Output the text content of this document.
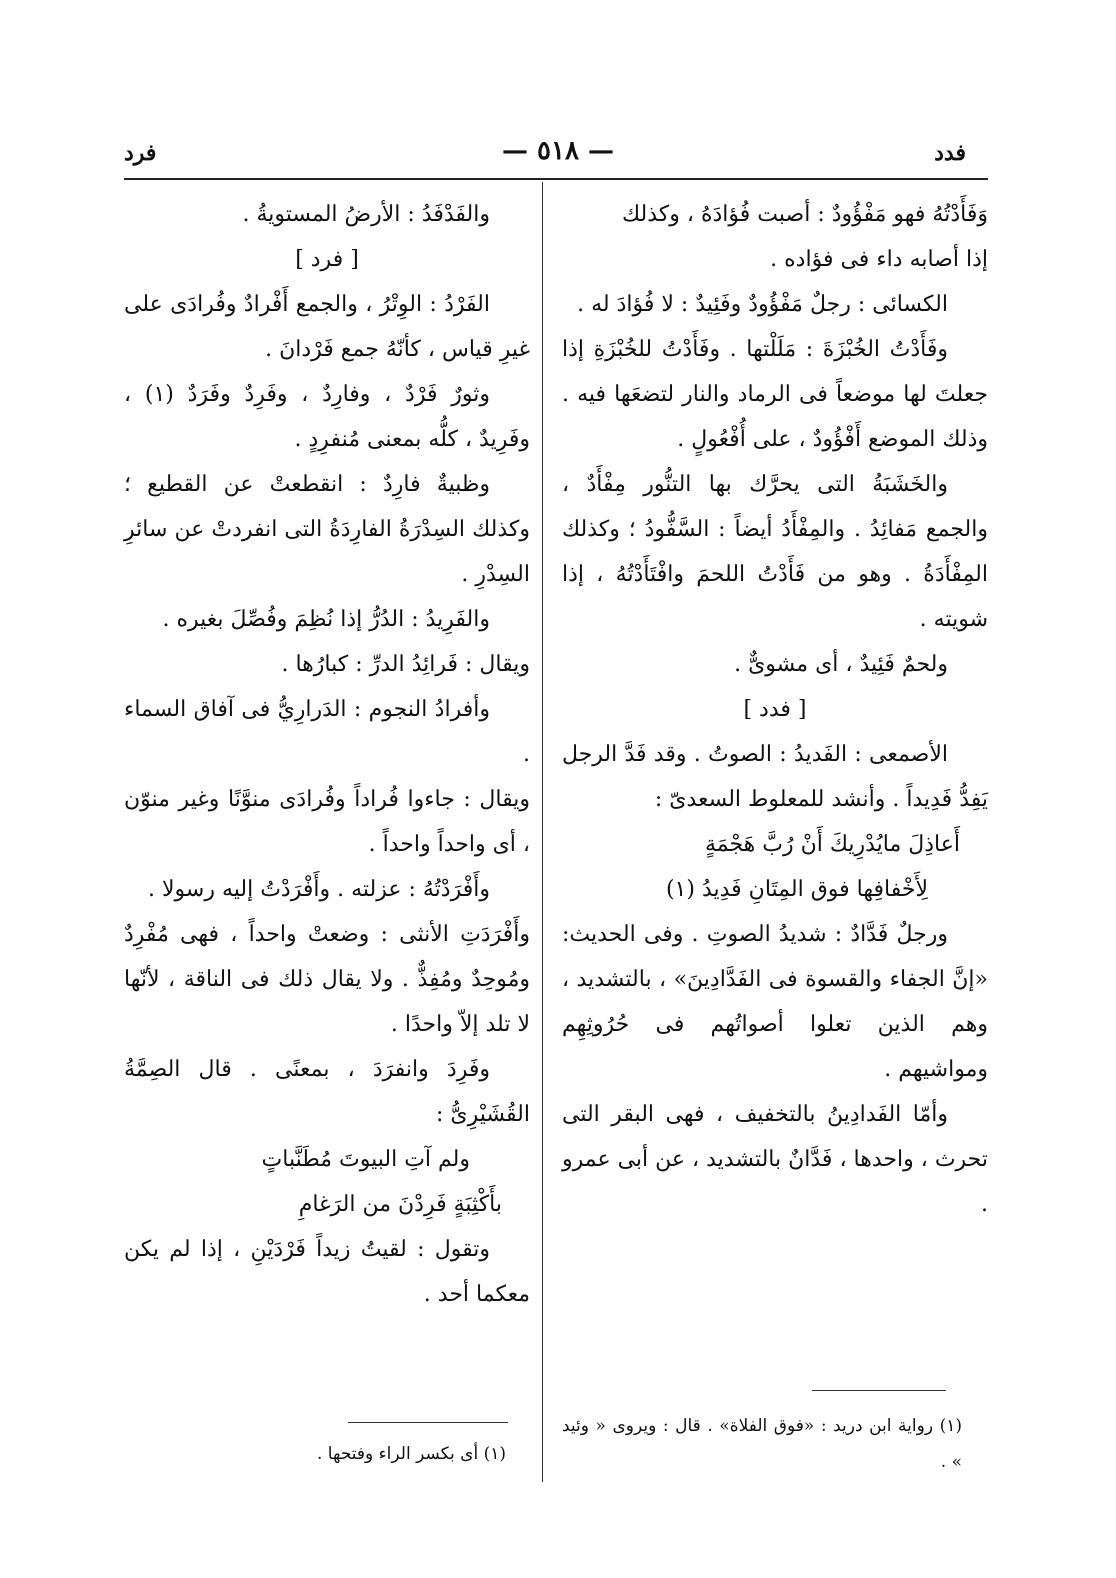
فدد
— ٥١٨ —
فرد

وَفَأَدْتُهُ فهو مَفْؤُودٌ : أصبت فُؤادَهُ ، وكذلك

إذا أصابه داء فى فؤاده .

الكسائى : رجلٌ مَفْؤُودٌ وفَئِيدٌ : لا فُؤادَ له .

وفَأَدْتُ الخُبْزَةَ : مَلَلْتها . وفَأَدْتُ للخُبْزَةِ إذا جعلتَ لها موضعاً فى الرماد والنار لتضعَها فيه . وذلك الموضع أَفْؤُودٌ ، على أُفْعُولٍ .

والخَشَبَةُ التى يحرَّك بها التنُّور مِفْأَدٌ ، والجمع مَفائِدُ . والمِفْأَدُ أيضاً : السَّفُّودُ ؛ وكذلك المِفْأَدَةُ . وهو من فَأَدْتُ اللحمَ وافْتَأَدْتُهُ ، إذا شويته .

ولحمٌ فَئِيدٌ ، أى مشوىٌّ .

[ فدد ]

الأصمعى : الفَديدُ : الصوتُ . وقد فَدَّ الرجل يَفِدُّ فَدِيداً . وأنشد للمعلوط السعدىّ :

أَعاذِلَ مايُدْرِيكَ أَنْ رُبَّ هَجْمَةٍ

لِأَخْفافِها فوق المِتَانِ فَدِيدُ (١)

ورجلٌ فَدَّادٌ : شديدُ الصوتِ . وفى الحديث: «إنَّ الجفاء والقسوة فى الفَدَّادِينَ» ، بالتشديد ، وهم الذين تعلوا أصواتُهم فى حُرُوثِهِم ومواشيهم .

وأمّا الفَدادِينُ بالتخفيف ، فهى البقر التى تحرث ، واحدها ، فَدَّانٌ بالتشديد ، عن أبى عمرو .

والفَدْفَدُ : الأرضُ المستويةُ .

[ فرد ]

الفَرْدُ : الوِتْرُ ، والجمع أَفْرادٌ وفُرادَى على غيرِ قياس ، كأنّهُ جمع فَرْدانَ .

وثورٌ فَرْدٌ ، وفارِدٌ ، وفَرِدٌ وفَرَدٌ (١) ، وفَرِيدٌ ، كلُّه بمعنى مُنفرِدٍ .

وظبيةٌ فارِدٌ : انقطعتْ عن القطيع ؛ وكذلك السِدْرَةُ الفارِدَةُ التى انفردتْ عن سائرِ السِدْرِ .

والفَرِيدُ : الدُرُّ إذا نُظِمَ وفُصِّلَ بغيره .

ويقال : فَرائِدُ الدرِّ : كبارُها .

وأفرادُ النجوم : الدَرارِيُّ فى آفاق السماء .

ويقال : جاءوا فُراداً وفُرادَى منوَّنًا وغير منوّن ، أى واحداً واحداً .

وأَفْرَدْتُهُ : عزلته . وأَفْرَدْتُ إليه رسولا .

وأَفْرَدَتِ الأنثى : وضعتْ واحداً ، فهى مُفْرِدٌ ومُوحِدٌ ومُفِذٌّ . ولا يقال ذلك فى الناقة ، لأنّها لا تلد إلاّ واحدًا .

وفَرِدَ وانفرَدَ ، بمعنًى . قال الصِمَّةُ القُشَيْرِىُّ :

ولم آتِ البيوتَ مُطَنَّباتٍ

بأَكْثِبَةٍ فَرِدْنَ من الرَغامِ

وتقول : لقيتُ زيداً فَرْدَيْنِ ، إذا لم يكن معكما أحد .

(١) رواية ابن دريد : «فوق الفلاة» . قال : ويروى « وئيد » .
(١) أى بكسر الراء وفتحها .
